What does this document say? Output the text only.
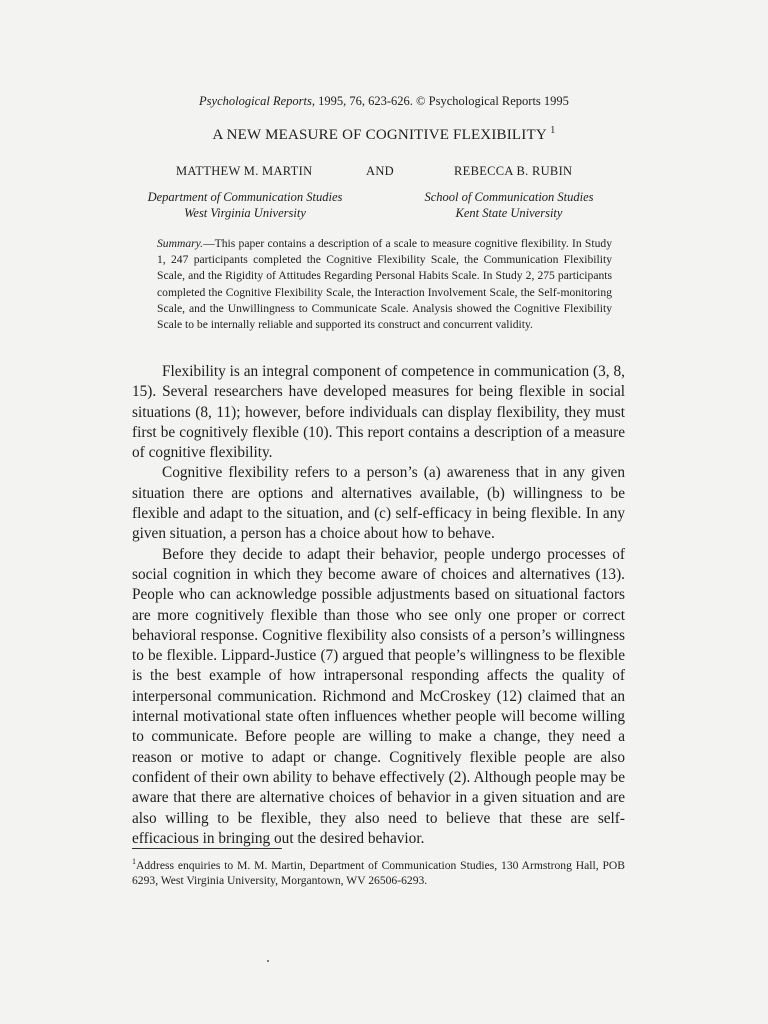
Psychological Reports, 1995, 76, 623-626. © Psychological Reports 1995
A NEW MEASURE OF COGNITIVE FLEXIBILITY $^1$
MATTHEW M. MARTIN	AND	REBECCA B. RUBIN
Department of Communication Studies
West Virginia University
School of Communication Studies
Kent State University
Summary.—This paper contains a description of a scale to measure cognitive flexibility. In Study 1, 247 participants completed the Cognitive Flexibility Scale, the Communication Flexibility Scale, and the Rigidity of Attitudes Regarding Personal Habits Scale. In Study 2, 275 participants completed the Cognitive Flexibility Scale, the Interaction Involvement Scale, the Self-monitoring Scale, and the Unwillingness to Communicate Scale. Analysis showed the Cognitive Flexibility Scale to be internally reliable and supported its construct and concurrent validity.

Flexibility is an integral component of competence in communication (3, 8, 15). Several researchers have developed measures for being flexible in social situations (8, 11); however, before individuals can display flexibility, they must first be cognitively flexible (10). This report contains a description of a measure of cognitive flexibility.

Cognitive flexibility refers to a person’s (a) awareness that in any given situation there are options and alternatives available, (b) willingness to be flexible and adapt to the situation, and (c) self-efficacy in being flexible. In any given situation, a person has a choice about how to behave.

Before they decide to adapt their behavior, people undergo processes of social cognition in which they become aware of choices and alternatives (13). People who can acknowledge possible adjustments based on situational factors are more cognitively flexible than those who see only one proper or correct behavioral response. Cognitive flexibility also consists of a person’s willingness to be flexible. Lippard-Justice (7) argued that people’s willingness to be flexible is the best example of how intrapersonal responding affects the quality of interpersonal communication. Richmond and McCroskey (12) claimed that an internal motivational state often influences whether people will become willing to communicate. Before people are willing to make a change, they need a reason or motive to adapt or change. Cognitively flexible people are also confident of their own ability to behave effectively (2). Although people may be aware that there are alternative choices of behavior in a given situation and are also willing to be flexible, they also need to believe that these are self-efficacious in bringing out the desired behavior.

$^1$Address enquiries to M. M. Martin, Department of Communication Studies, 130 Armstrong Hall, POB 6293, West Virginia University, Morgantown, WV 26506-6293.
